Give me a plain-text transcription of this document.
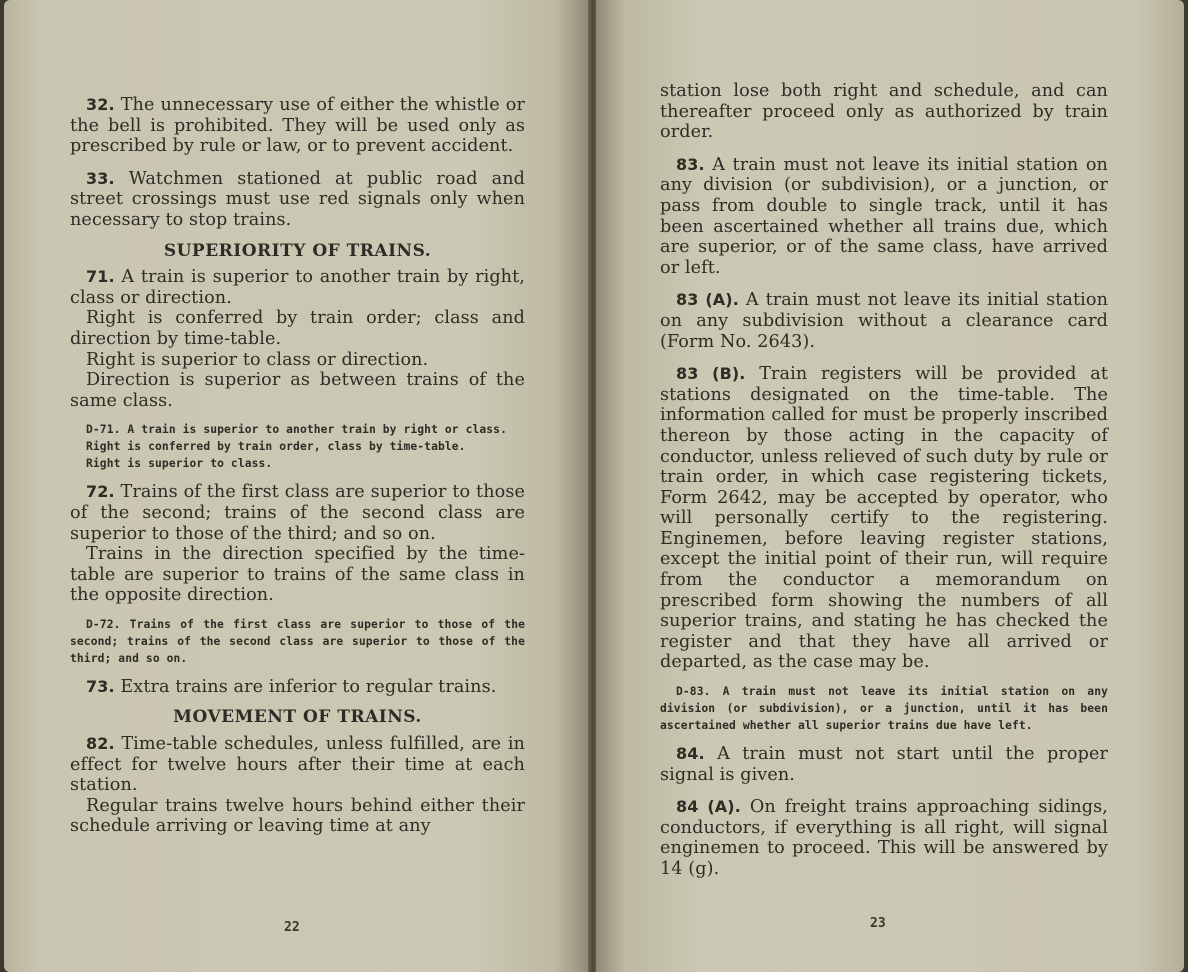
32. The unnecessary use of either the whistle or the bell is prohibited. They will be used only as prescribed by rule or law, or to prevent accident.

33. Watchmen stationed at public road and street crossings must use red signals only when necessary to stop trains.

SUPERIORITY OF TRAINS.

71. A train is superior to another train by right, class or direction.

Right is conferred by train order; class and direction by time-table.

Right is superior to class or direction.

Direction is superior as between trains of the same class.

D-71. A train is superior to another train by right or class.
Right is conferred by train order, class by time-table.
Right is superior to class.

72. Trains of the first class are superior to those of the second; trains of the second class are superior to those of the third; and so on.

Trains in the direction specified by the time-table are superior to trains of the same class in the opposite direction.

D-72. Trains of the first class are superior to those of the second; trains of the second class are superior to those of the third; and so on.

73. Extra trains are inferior to regular trains.

MOVEMENT OF TRAINS.

82. Time-table schedules, unless fulfilled, are in effect for twelve hours after their time at each station.

Regular trains twelve hours behind either their schedule arriving or leaving time at any

22

station lose both right and schedule, and can thereafter proceed only as authorized by train order.

83. A train must not leave its initial station on any division (or subdivision), or a junction, or pass from double to single track, until it has been ascertained whether all trains due, which are superior, or of the same class, have arrived or left.

83 (A). A train must not leave its initial station on any subdivision without a clearance card (Form No. 2643).

83 (B). Train registers will be provided at stations designated on the time-table. The information called for must be properly inscribed thereon by those acting in the capacity of conductor, unless relieved of such duty by rule or train order, in which case registering tickets, Form 2642, may be accepted by operator, who will personally certify to the registering. Enginemen, before leaving register stations, except the initial point of their run, will require from the conductor a memorandum on prescribed form showing the numbers of all superior trains, and stating he has checked the register and that they have all arrived or departed, as the case may be.

D-83. A train must not leave its initial station on any division (or subdivision), or a junction, until it has been ascertained whether all superior trains due have left.

84. A train must not start until the proper signal is given.

84 (A). On freight trains approaching sidings, conductors, if everything is all right, will signal enginemen to proceed. This will be answered by 14 (g).

23
